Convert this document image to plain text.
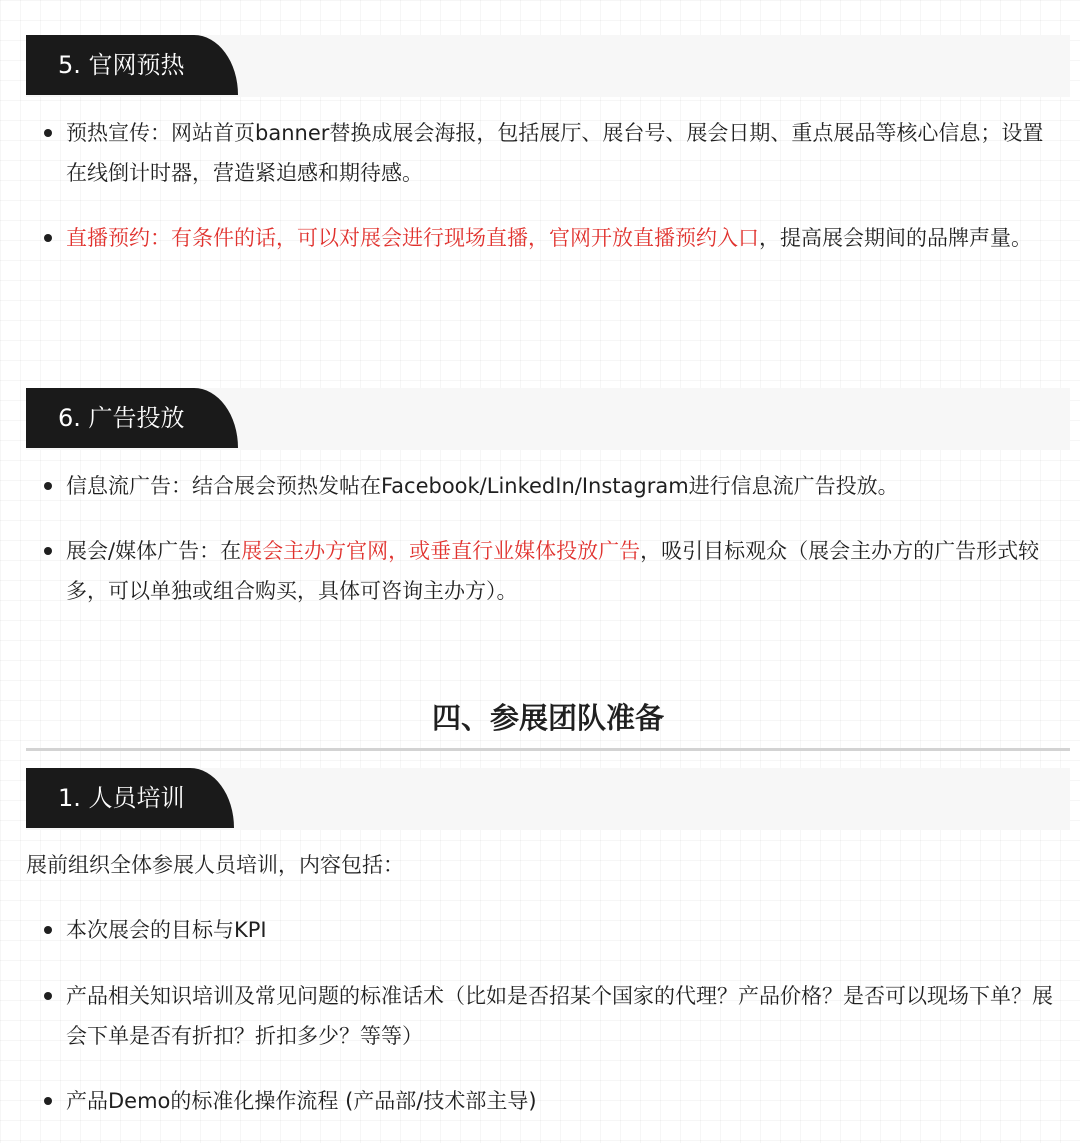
5. 官网预热

预热宣传：网站首页banner替换成展会海报，包括展厅、展台号、展会日期、重点展品等核心信息；设置在线倒计时器，营造紧迫感和期待感。

直播预约：有条件的话，可以对展会进行现场直播，官网开放直播预约入口，提高展会期间的品牌声量。

6. 广告投放

信息流广告：结合展会预热发帖在Facebook/LinkedIn/Instagram进行信息流广告投放。

展会/媒体广告：在展会主办方官网，或垂直行业媒体投放广告，吸引目标观众（展会主办方的广告形式较多，可以单独或组合购买，具体可咨询主办方）。

四、参展团队准备
1. 人员培训

展前组织全体参展人员培训，内容包括：

本次展会的目标与KPI

产品相关知识培训及常见问题的标准话术（比如是否招某个国家的代理？产品价格？是否可以现场下单？展会下单是否有折扣？折扣多少？等等）

产品Demo的标准化操作流程 (产品部/技术部主导)
